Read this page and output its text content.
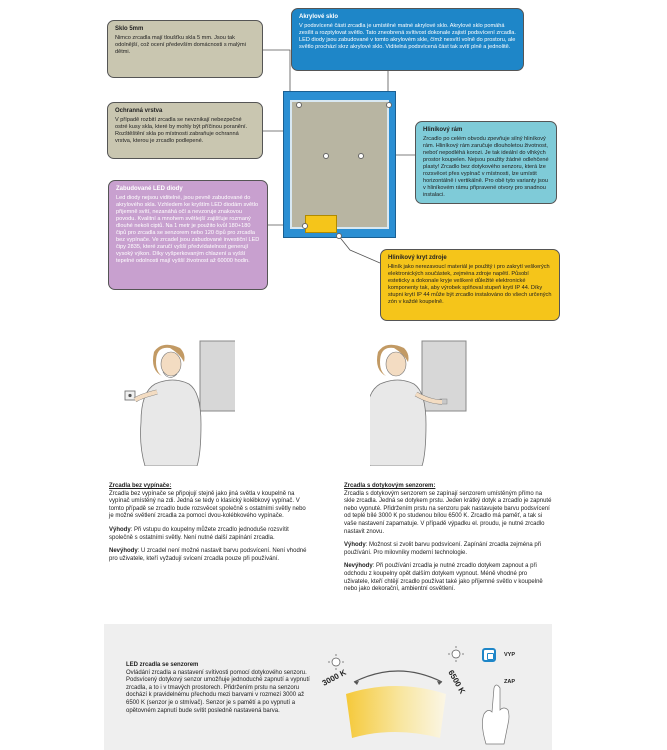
Sklo 5mm
Nimco zrcadla mají tloušťku skla 5 mm. Jsou tak odolnější, což ocení především domácnosti s malými dětmi.
Akrylové sklo
V podsvícené části zrcadla je umístěné matné akrylové sklo. Akrylové sklo pomáhá zesílit a rozptylovat světlo. Tato zneobrená svítivost dokonale zajistí podsvícení zrcadla. LED diody jsou zabudované v tomto akrylovém skle, čímž nesvítí volně do prostoru, ale světlo prochází skrz akrylové sklo. Viditelná podsvícená část tak svítí plně a jednolitě.
Ochranná vrstva
V případě rozbití zrcadla se nevznikají nebezpečné ostré kusy skla, které by mohly být příčinou poranění. Rozštěštění skla po místnosti zabraňuje ochranná vrstva, kterou je zrcadlo podlepené.
Hliníkový rám
Zrcadlo po celém obvodu zpevňuje silný hliníkový rám. Hliníkový rám zaručuje dlouholetou životnost, neboť nepodléhá korozi. Je tak ideální do vlhkých prostor koupelen. Nejsou použity žádné odlehčené plasty! Zrcadlo bez dotykového senzoru, která lze rozsvěcet přes vypínač v místnosti, lze umístit horizontálně i vertikálně. Pro obě tyto varianty jsou v hliníkovém rámu připravené otvory pro snadnou instalaci.
Zabudované LED diody
Led diody nejsou viditelné, jsou pevně zabudované do akrylového skla. Vzhledem ke kryštím LED diodám světlo přijemně svítí, nezanáhá očí a nevzoruje znakovou povodu. Kvalitní a mnohem světlejší zajišťuje rozmaný dlouhé nekoli ciptů. Na 1 metr je použito kvůl 180+180 čipů pro zrcadla se senzorem nebo 120 čipů pro zrcadla bez vypínače. Ve zrcadel jsou zabudované investiční LED čipy 2835, které zaručí vyšší předvídatelnost generují vysoký výkon. Díky vyšperkovaným chlazení a vyšší tepelné odolnosti mají vyšší životnost až 60000 hodin.	Hliníkový kryt zdroje
Hliník jako nerezavoucí materiál je použitý i pro zakrytí veškerých elektronických součástek, zejména zdroje napětí. Působí esteticky a dokonale kryje veškeré důležité elektronické komponenty tak, aby výrobek splňoval stupeň krytí IP 44. Díky stupni krytí IP 44 může být zrcadlo instalováno do všech určených zón v každé koupelně.

Zrcadla bez vypínače:
Zrcadla bez vypínače se připojují stejně jako jiná světla v koupelně na vypínač umístěný na zdi. Jedná se tedy o klasický kolébkový vypínač. V tomto případě se zrcadlo bude rozsvěcet společně s ostatními světly nebo je možné světlení zrcadla za pomocí dvou-kolébkového vypínače.

Výhody: Při vstupu do koupelny můžete zrcadlo jednoduše rozsvítit společně s ostatními světly. Není nutné další zapínání zrcadla.

Nevýhody: U zrcadel není možné nastavit barvu podsvícení. Není vhodné pro uživatele, kteří vyžadují svícení zrcadla pouze při používání.

Zrcadla s dotykovým senzorem:
Zrcadla s dotykovým senzorem se zapínají senzorem umístěným přímo na skle zrcadla. Jedná se dotykem prstu. Jeden krátký dotyk a zrcadlo je zapnuté nebo vypnuté. Přidržením prstu na senzoru pak nastavujete barvu podsvícení od teplé bílé 3000 K po studenou bílou 6500 K. Zrcadlo má paměť, a tak si vaše nastavení zapamatuje. V případě výpadku el. proudu, je nutné zrcadlo nastavit znovu.

Výhody: Možnost si zvolit barvu podsvícení. Zapínání zrcadla zejména při používání. Pro milovníky moderní technologie.

Nevýhody: Při používání zrcadla je nutné zrcadlo dotykem zapnout a při odchodu z koupelny opět dalším dotykem vypnout. Méně vhodné pro uživatele, kteří chtějí zrcadlo používat také jako příjemné světlo v koupelně nebo jako dekorační, ambientní osvětlení.

LED zrcadla se senzorem
Ovládání zrcadla a nastavení svítivosti pomocí dotykového senzoru. Podsvícený dotykový senzor umožňuje jednoduché zapnutí a vypnutí zrcadla, a to i v tmavých prostorech. Přidržením prstu na senzoru dochází k pravidelnému přechodu mezi barvami v rozmezí 3000 až 6500 K (senzor je o stmívač). Senzor je s pamětí a po vypnutí a opětovném zapnutí bude svítit posledně nastavená barva.
3000 K	6500 K
VYP
ZAP
